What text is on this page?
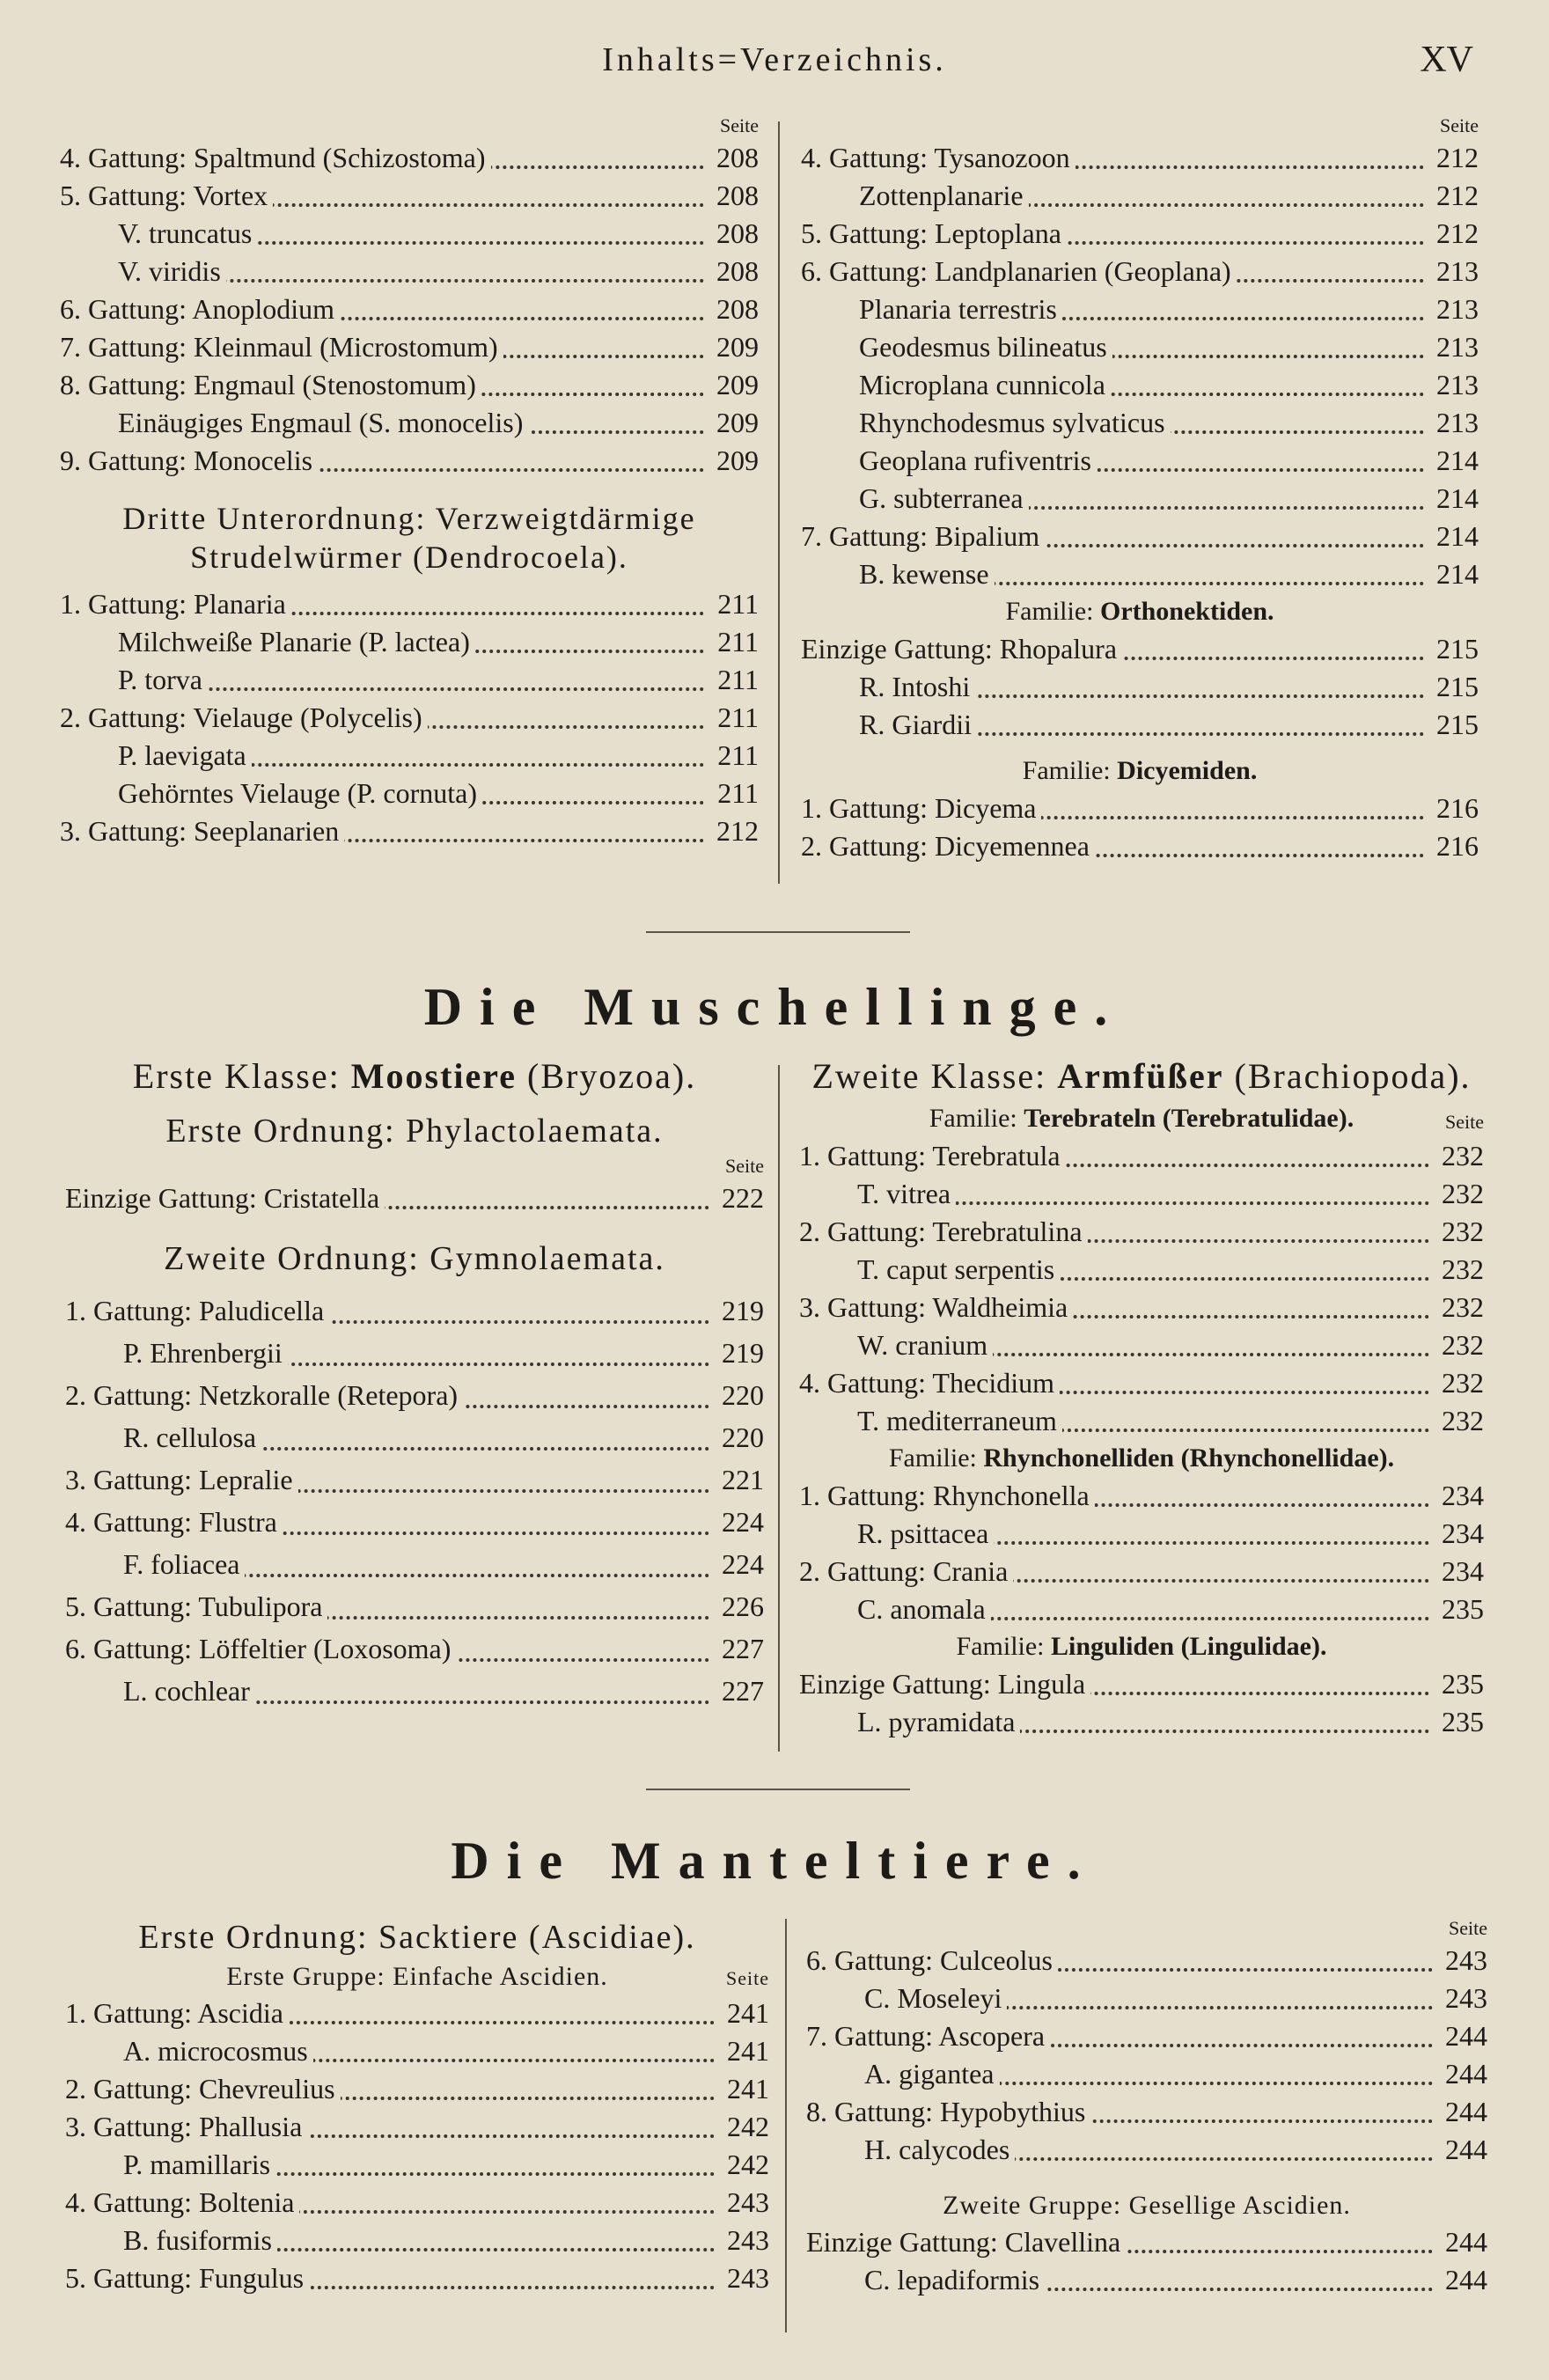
Inhalts=Verzeichnis.	XV
Seite
4. Gattung: Spaltmund (Schizostoma)	208
5. Gattung: Vortex	208
V. truncatus	208
V. viridis	208
6. Gattung: Anoplodium	208
7. Gattung: Kleinmaul (Microstomum)	209
8. Gattung: Engmaul (Stenostomum)	209
Einäugiges Engmaul (S. monocelis)	209
9. Gattung: Monocelis	209
Dritte Unterordnung: Verzweigtdärmige
Strudelwürmer (Dendrocoela).
1. Gattung: Planaria	211
Milchweiße Planarie (P. lactea)	211
P. torva	211
2. Gattung: Vielauge (Polycelis)	211
P. laevigata	211
Gehörntes Vielauge (P. cornuta)	211
3. Gattung: Seeplanarien	212
Seite
4. Gattung: Tysanozoon	212
Zottenplanarie	212
5. Gattung: Leptoplana	212
6. Gattung: Landplanarien (Geoplana)	213
Planaria terrestris	213
Geodesmus bilineatus	213
Microplana cunnicola	213
Rhynchodesmus sylvaticus	213
Geoplana rufiventris	214
G. subterranea	214
7. Gattung: Bipalium	214
B. kewense	214
Familie: Orthonektiden.
Einzige Gattung: Rhopalura	215
R. Intoshi	215
R. Giardii	215
Familie: Dicyemiden.
1. Gattung: Dicyema	216
2. Gattung: Dicyemennea	216
Die Muschellinge.
Erste Klasse: Moostiere (Bryozoa).
Erste Ordnung: Phylactolaemata.
Seite
Einzige Gattung: Cristatella	222
Zweite Ordnung: Gymnolaemata.
1. Gattung: Paludicella	219
P. Ehrenbergii	219
2. Gattung: Netzkoralle (Retepora)	220
R. cellulosa	220
3. Gattung: Lepralie	221
4. Gattung: Flustra	224
F. foliacea	224
5. Gattung: Tubulipora	226
6. Gattung: Löffeltier (Loxosoma)	227
L. cochlear	227
Zweite Klasse: Armfüßer (Brachiopoda).
Familie: Terebrateln (Terebratulidae).	Seite
1. Gattung: Terebratula	232
T. vitrea	232
2. Gattung: Terebratulina	232
T. caput serpentis	232
3. Gattung: Waldheimia	232
W. cranium	232
4. Gattung: Thecidium	232
T. mediterraneum	232
Familie: Rhynchonelliden (Rhynchonellidae).
1. Gattung: Rhynchonella	234
R. psittacea	234
2. Gattung: Crania	234
C. anomala	235
Familie: Linguliden (Lingulidae).
Einzige Gattung: Lingula	235
L. pyramidata	235
Die Manteltiere.
Erste Ordnung: Sacktiere (Ascidiae).
Erste Gruppe: Einfache Ascidien.	Seite
1. Gattung: Ascidia	241
A. microcosmus	241
2. Gattung: Chevreulius	241
3. Gattung: Phallusia	242
P. mamillaris	242
4. Gattung: Boltenia	243
B. fusiformis	243
5. Gattung: Fungulus	243
Seite
6. Gattung: Culceolus	243
C. Moseleyi	243
7. Gattung: Ascopera	244
A. gigantea	244
8. Gattung: Hypobythius	244
H. calycodes	244
Zweite Gruppe: Gesellige Ascidien.
Einzige Gattung: Clavellina	244
C. lepadiformis	244
